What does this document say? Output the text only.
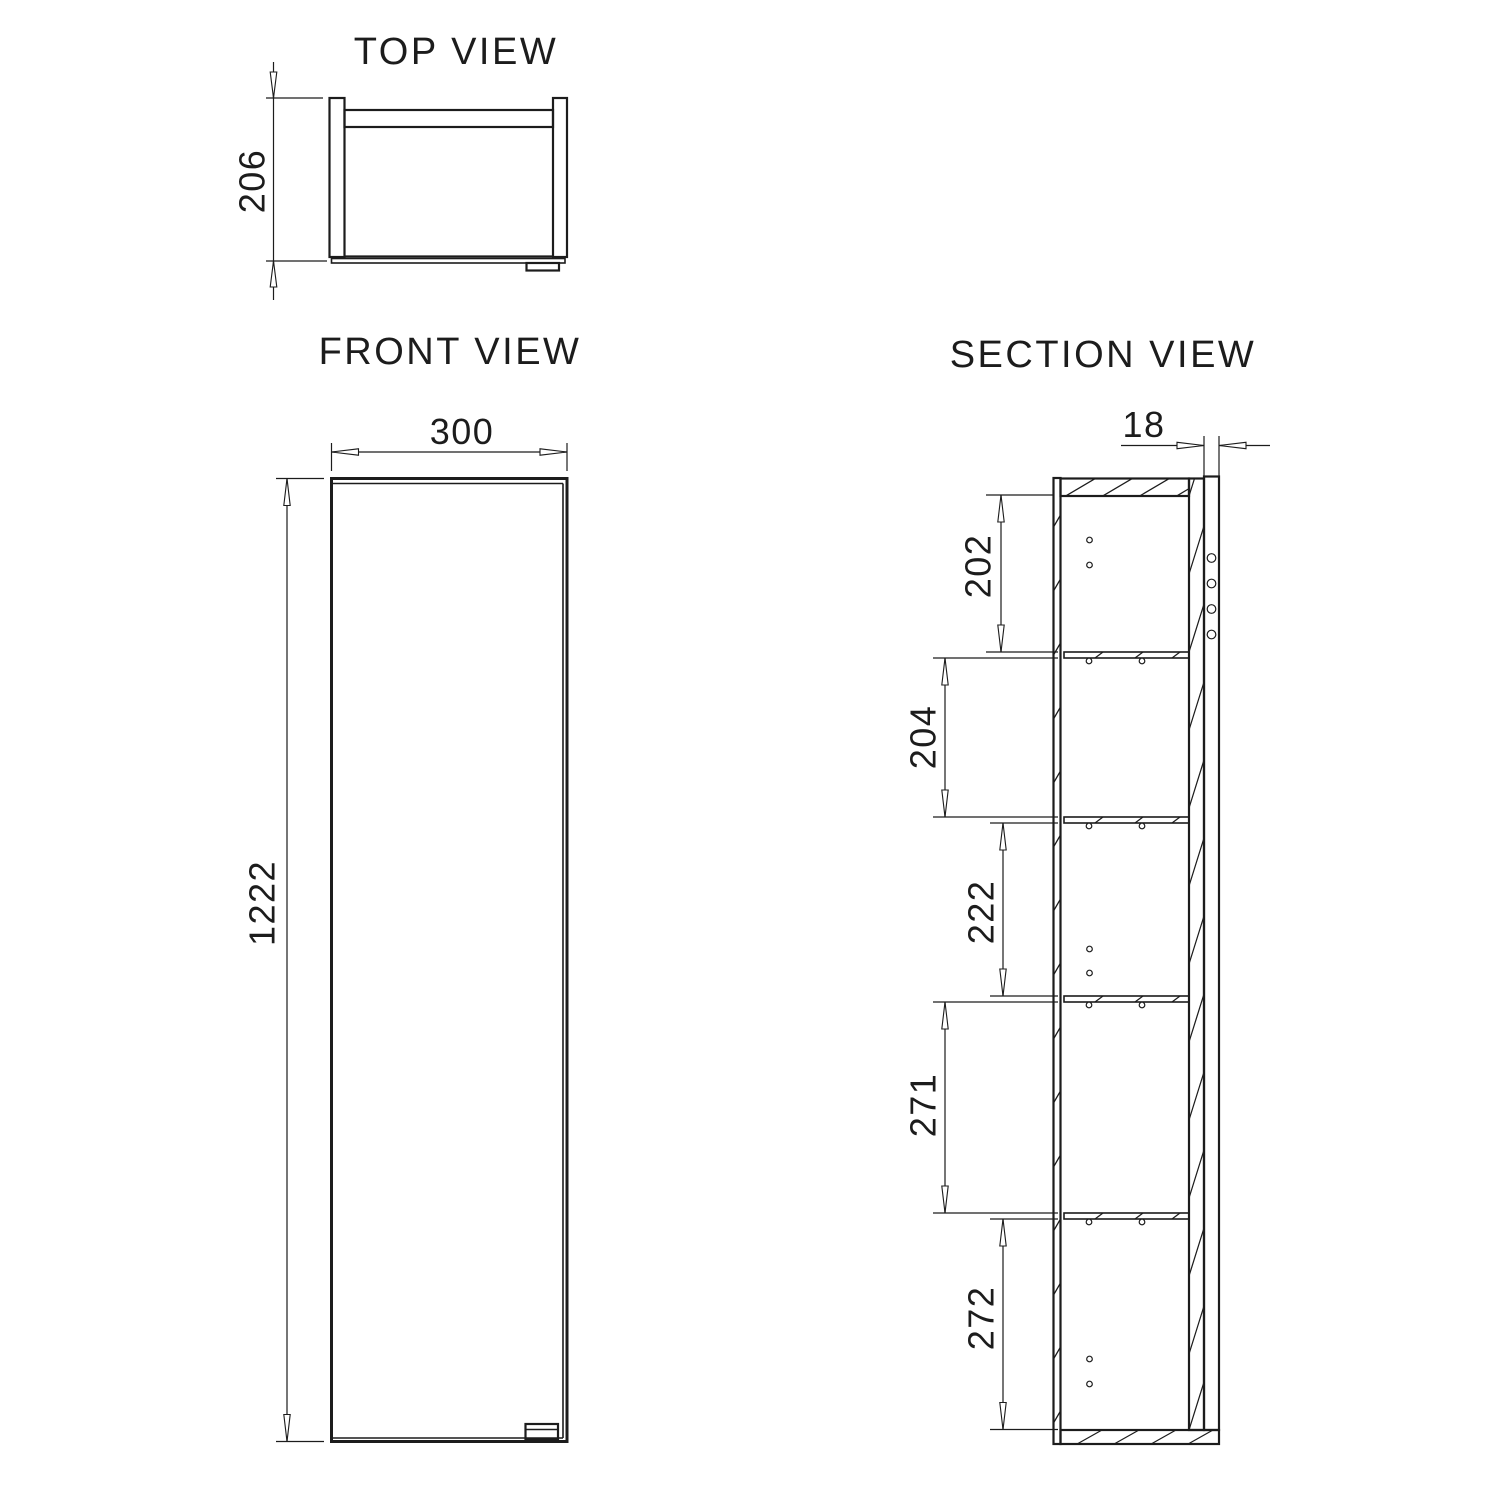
TOP VIEW
206
FRONT VIEW
300
1222
SECTION VIEW
18
202
204
222
271
272
